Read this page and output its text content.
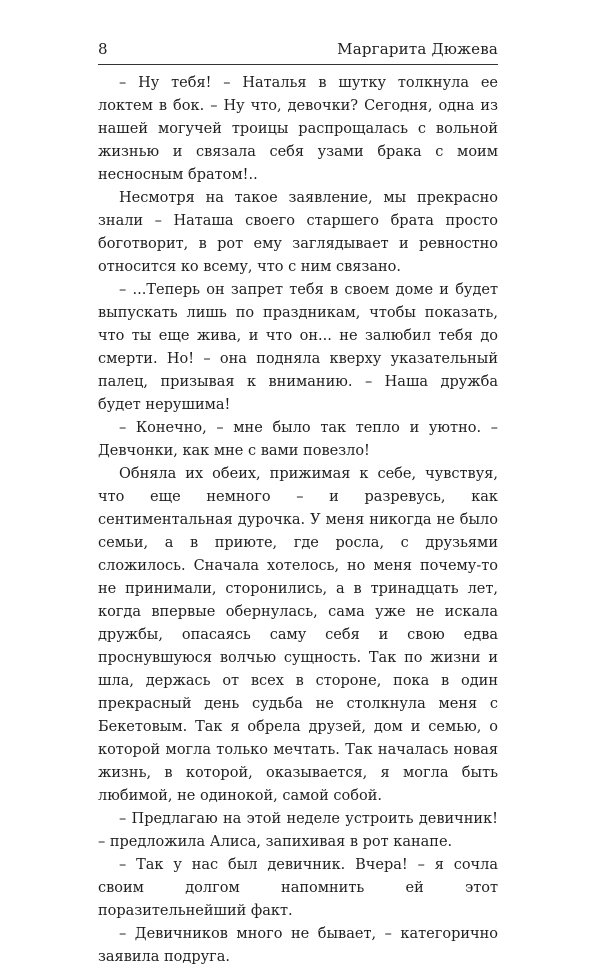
8	Маргарита Дюжева

– Ну тебя! – Наталья в шутку толкнула ее локтем в бок. – Ну что, девочки? Сегодня, одна из нашей могучей троицы распрощалась с вольной жизнью и связала себя узами брака с моим несносным братом!..

Несмотря на такое заявление, мы прекрасно знали – Наташа своего старшего брата просто боготворит, в рот ему заглядывает и ревностно относится ко всему, что с ним связано.

– ...Теперь он запрет тебя в своем доме и будет выпускать лишь по праздникам, чтобы показать, что ты еще жива, и что он... не залюбил тебя до смерти. Но! – она подняла кверху указательный палец, призывая к вниманию. – Наша дружба будет нерушима!

– Конечно, – мне было так тепло и уютно. – Девчонки, как мне с вами повезло!

Обняла их обеих, прижимая к себе, чувствуя, что еще немного – и разревусь, как сентиментальная дурочка. У меня никогда не было семьи, а в приюте, где росла, с друзьями сложилось. Сначала хотелось, но меня почему-то не принимали, сторонились, а в тринадцать лет, когда впервые обернулась, сама уже не искала дружбы, опасаясь саму себя и свою едва проснувшуюся волчью сущность. Так по жизни и шла, держась от всех в стороне, пока в один прекрасный день судьба не столкнула меня с Бекетовым. Так я обрела друзей, дом и семью, о которой могла только мечтать. Так началась новая жизнь, в которой, оказывается, я могла быть любимой, не одинокой, самой собой.

– Предлагаю на этой неделе устроить девичник! – предложила Алиса, запихивая в рот канапе.

– Так у нас был девичник. Вчера! – я сочла своим долгом напомнить ей этот поразительнейший факт.

– Девичников много не бывает, – категорично заявила подруга.
